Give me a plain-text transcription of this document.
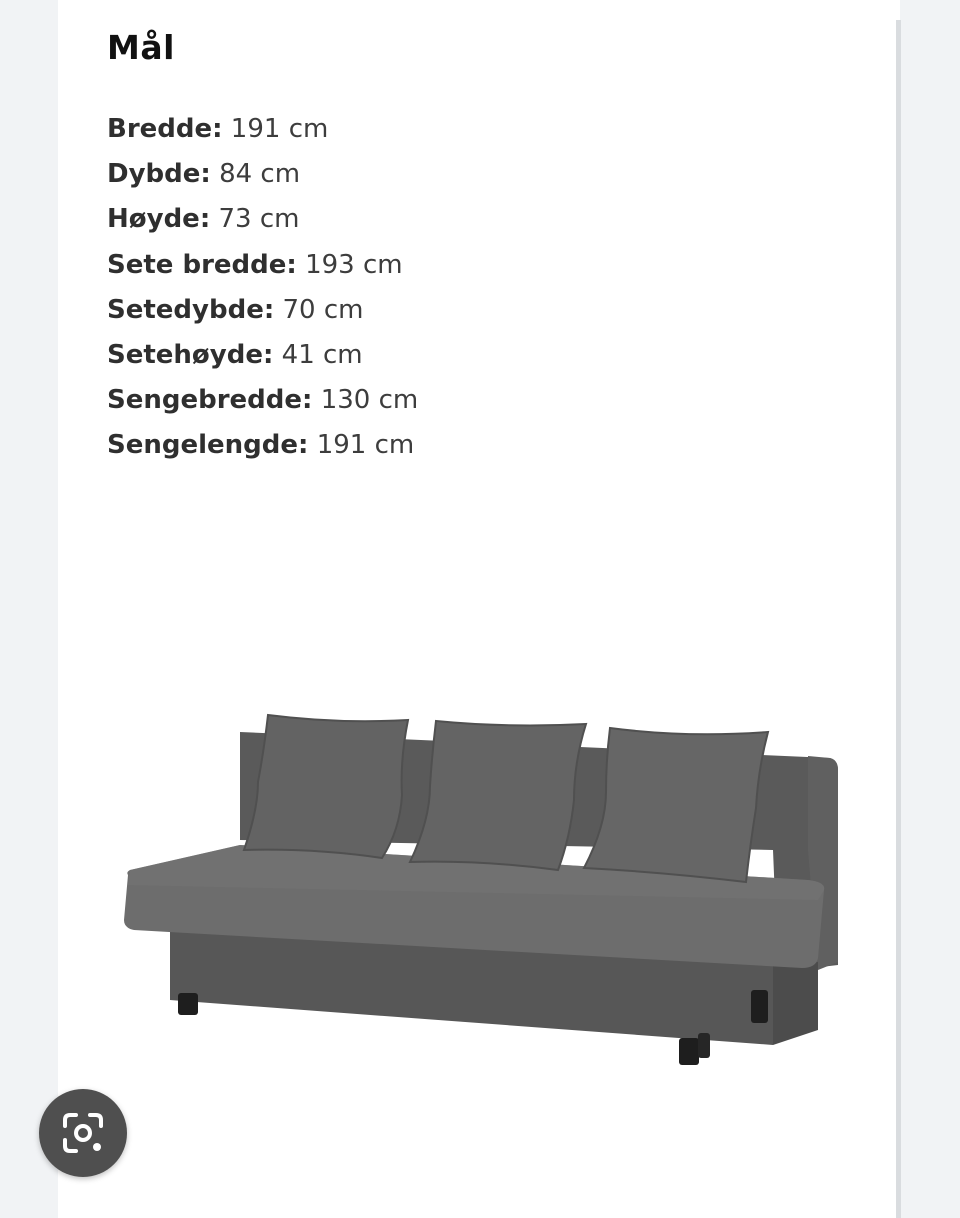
Mål
Bredde: 191 cm
Dybde: 84 cm
Høyde: 73 cm
Sete bredde: 193 cm
Setedybde: 70 cm
Setehøyde: 41 cm
Sengebredde: 130 cm
Sengelengde: 191 cm
